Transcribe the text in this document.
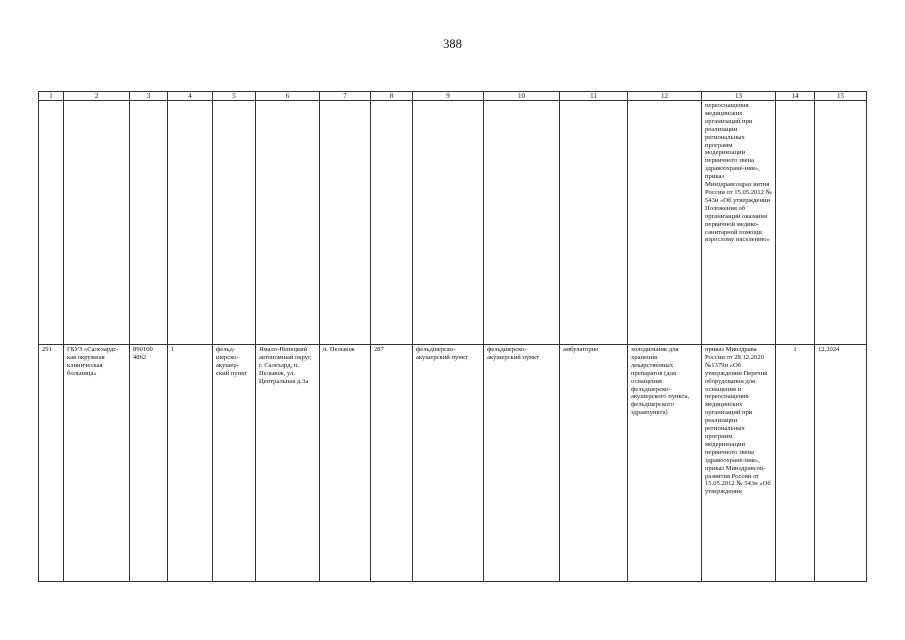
388
1	2	3	4	5	6	7	8	9	10	11	12	13	14	15
												переоснащения медицинских организаций при реализации региональных программ модернизации первичного звена здравоохране-ния», приказ Минздравсоцраз вития России от 15.05.2012 № 543н «Об утверждении Положения об организации оказания первичной медико-санитарной помощи взрослому населению»		
291	ГБУЗ «Салехардс-кая окружная клиническая больница»	890100 4862	1	фельд-шерско-акушер-ский пункт	Ямало-Ненецкий автономный округ, г. Салехард, п. Пельвож, ул. Центральная д.3а	п. Пельвож	287	фельдшерско-акушерский пункт	фельдшерско-акушерский пункт	амбулаторно	холодильник для хранения лекарственных препаратов (для оснащения фельдшерско-акушерского пункта, фельдшерского здравпункта)	приказ Минздрава России от 28.12.2020 №1379н «Об утверждении Перечня оборудования для оснащения и переоснащения медицинских организаций при реализации региональных программ модернизации первичного звена здравоохране-ния», приказ Минздравсоц-развития России от 15.05.2012 № 543н «Об утверждении	1	12,2024
